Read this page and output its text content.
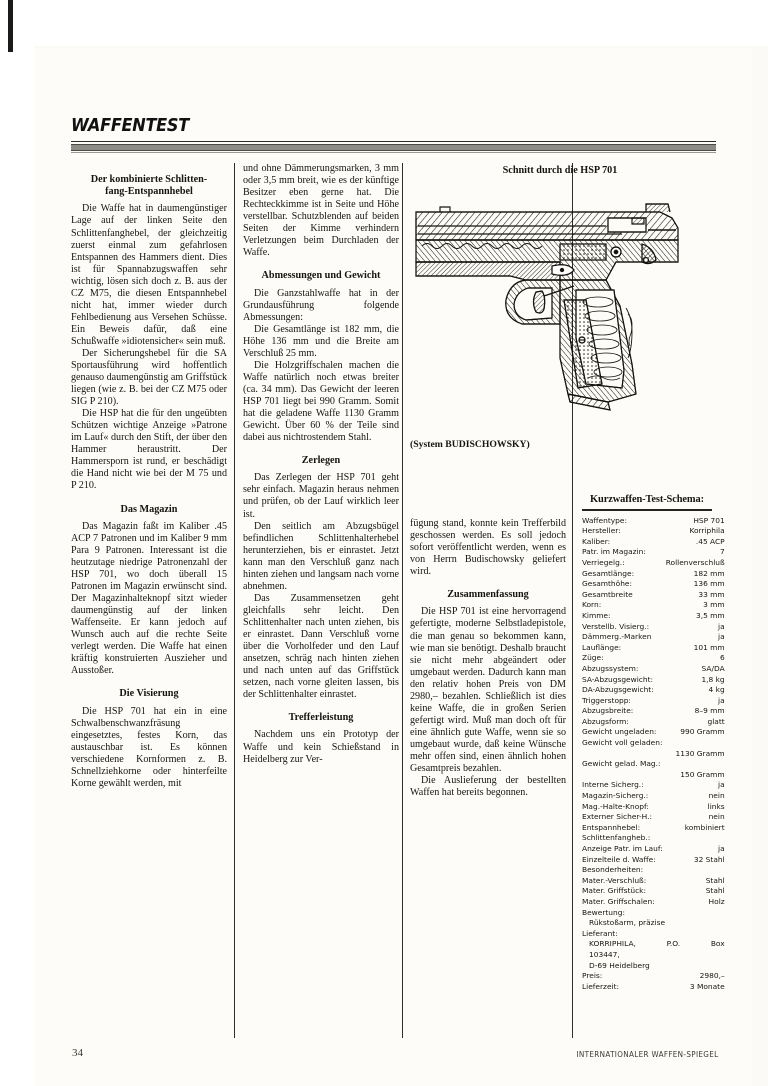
WAFFENTEST
Der kombinierte Schlitten-
fang-Entspannhebel

Die Waffe hat in daumengünstiger Lage auf der linken Seite den Schlittenfanghebel, der gleichzeitig zuerst einmal zum gefahrlosen Entspannen des Hammers dient. Dies ist für Spannabzugswaffen sehr wichtig, lösen sich doch z. B. aus der CZ M75, die diesen Entspannhebel nicht hat, immer wieder durch Fehlbedienung aus Versehen Schüsse. Ein Beweis dafür, daß eine Schußwaffe »idiotensicher« sein muß.

Der Sicherungshebel für die SA Sportausführung wird hoffentlich genauso daumengünstig am Griffstück liegen (wie z. B. bei der CZ M75 oder SIG P 210).

Die HSP hat die für den ungeübten Schützen wichtige Anzeige »Patrone im Lauf« durch den Stift, der über den Hammer heraustritt. Der Hammersporn ist rund, er beschädigt die Hand nicht wie bei der M 75 und P 210.

Das Magazin

Das Magazin faßt im Kaliber .45 ACP 7 Patronen und im Kaliber 9 mm Para 9 Patronen. Interessant ist die heutzutage niedrige Patronenzahl der HSP 701, wo doch überall 15 Patronen im Magazin erwünscht sind. Der Magazinhalteknopf sitzt wieder daumengünstig auf der linken Waffenseite. Er kann jedoch auf Wunsch auch auf die rechte Seite verlegt werden. Die Waffe hat einen kräftig konstruierten Auszieher und Ausstoßer.

Die Visierung

Die HSP 701 hat ein in eine Schwalbenschwanzfräsung eingesetztes, festes Korn, das austauschbar ist. Es können verschiedene Kornformen z. B. Schnellziehkorne oder hinterfeilte Korne gewählt werden, mit

und ohne Dämmerungsmarken, 3 mm oder 3,5 mm breit, wie es der künftige Besitzer eben gerne hat. Die Rechteckkimme ist in Seite und Höhe verstellbar. Schutzblenden auf beiden Seiten der Kimme verhindern Verletzungen beim Durchladen der Waffe.

Abmessungen und Gewicht

Die Ganzstahlwaffe hat in der Grundausführung folgende Abmessungen:

Die Gesamtlänge ist 182 mm, die Höhe 136 mm und die Breite am Verschluß 25 mm.

Die Holzgriffschalen machen die Waffe natürlich noch etwas breiter (ca. 34 mm). Das Gewicht der leeren HSP 701 liegt bei 990 Gramm. Somit hat die geladene Waffe 1130 Gramm Gewicht. Über 60 % der Teile sind dabei aus nichtrostendem Stahl.

Zerlegen

Das Zerlegen der HSP 701 geht sehr einfach. Magazin heraus nehmen und prüfen, ob der Lauf wirklich leer ist.

Den seitlich am Abzugsbügel befindlichen Schlittenhalterhebel herunterziehen, bis er einrastet. Jetzt kann man den Verschluß ganz nach hinten ziehen und langsam nach vorne abnehmen.

Das Zusammensetzen geht gleichfalls sehr leicht. Den Schlittenhalter nach unten ziehen, bis er einrastet. Dann Verschluß vorne über die Vorholfeder und den Lauf ansetzen, schräg nach hinten ziehen und nach unten auf das Griffstück setzen, nach vorne gleiten lassen, bis der Schlittenhalter einrastet.

Trefferleistung

Nachdem uns ein Prototyp der Waffe und kein Schießstand in Heidelberg zur Ver-

fügung stand, konnte kein Trefferbild geschossen werden. Es soll jedoch sofort veröffentlicht werden, wenn es von Herrn Budischowsky geliefert wird.

Zusammenfassung

Die HSP 701 ist eine hervorragend gefertigte, moderne Selbstladepistole, die man genau so bekommen kann, wie man sie benötigt. Deshalb braucht sie nicht mehr abgeändert oder umgebaut werden. Dadurch kann man den relativ hohen Preis von DM 2980,– bezahlen. Schließlich ist dies keine Waffe, die in großen Serien gefertigt wird. Muß man doch oft für eine ähnlich gute Waffe, wenn sie so umgebaut wurde, daß keine Wünsche mehr offen sind, einen ähnlich hohen Gesamtpreis bezahlen.

Die Auslieferung der bestellten Waffen hat bereits begonnen.

Schnitt durch die HSP 701
(System BUDISCHOWSKY)
Kurzwaffen-Test-Schema:
Waffentype:	HSP 701
Hersteller:	Korriphila
Kaliber:	.45 ACP
Patr. im Magazin:	7
Verriegelg.:	Rollenverschluß
Gesamtlänge:	182 mm
Gesamthöhe:	136 mm
Gesamtbreite	33 mm
Korn:	3 mm
Kimme:	3,5 mm
Verstellb. Visierg.:	ja
Dämmerg.-Marken	ja
Lauflänge:	101 mm
Züge:	6
Abzugssystem:	SA/DA
SA-Abzugsgewicht:	1,8 kg
DA-Abzugsgewicht:	4 kg
Triggerstopp:	ja
Abzugsbreite:	8–9 mm
Abzugsform:	glatt
Gewicht ungeladen:	990 Gramm
Gewicht voll geladen:	
1130 Gramm	
Gewicht gelad. Mag.:	
150 Gramm	
Interne Sicherg.:	ja
Magazin-Sicherg.:	nein
Mag.-Halte-Knopf:	links
Externer Sicher-H.:	nein
Entspannhebel:	kombiniert
Schlittenfangheb.:	
Anzeige Patr. im Lauf:	ja
Einzelteile d. Waffe:	32 Stahl
Besonderheiten:	
Mater.-Verschluß:	Stahl
Mater. Griffstück:	Stahl
Mater. Griffschalen:	Holz
Bewertung:	
Rükstoßarm, präzise	
Lieferant:	

KORRIPHILA, P.O. Box	

103447,	
D-69 Heidelberg	
Preis:	2980,–
Lieferzeit:	3 Monate
34	INTERNATIONALER WAFFEN-SPIEGEL
